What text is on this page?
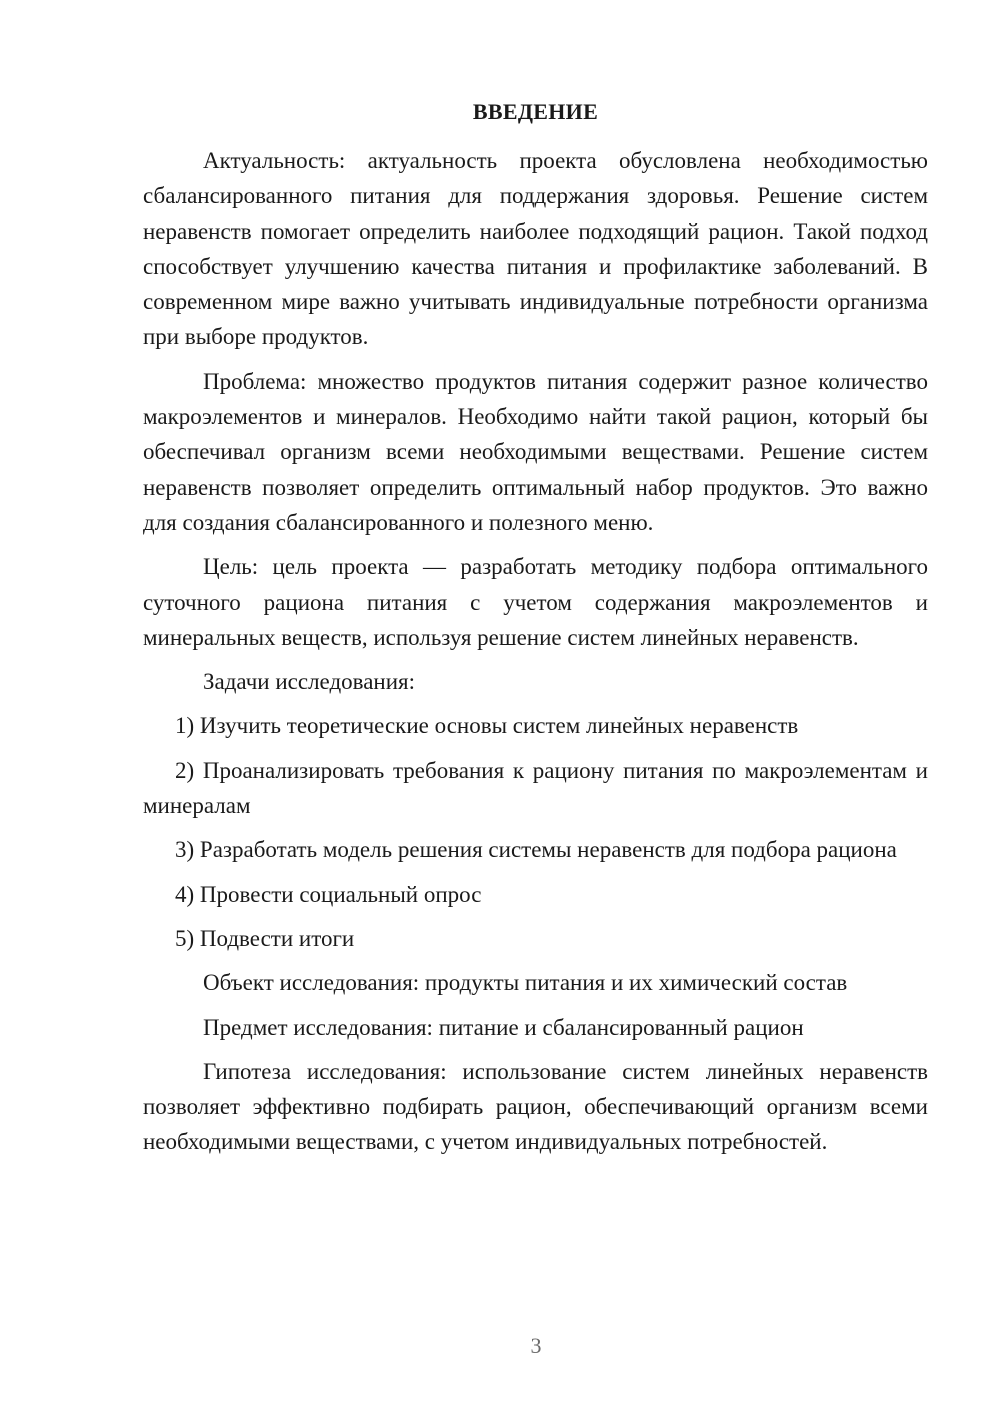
ВВЕДЕНИЕ

Актуальность: актуальность проекта обусловлена необходимостью сбалансированного питания для поддержания здоровья. Решение систем неравенств помогает определить наиболее подходящий рацион. Такой подход способствует улучшению качества питания и профилактике заболеваний. В современном мире важно учитывать индивидуальные потребности организма при выборе продуктов.

Проблема: множество продуктов питания содержит разное количество макроэлементов и минералов. Необходимо найти такой рацион, который бы обеспечивал организм всеми необходимыми веществами. Решение систем неравенств позволяет определить оптимальный набор продуктов. Это важно для создания сбалансированного и полезного меню.

Цель: цель проекта — разработать методику подбора оптимального суточного рациона питания с учетом содержания макроэлементов и минеральных веществ, используя решение систем линейных неравенств.

Задачи исследования:

1) Изучить теоретические основы систем линейных неравенств

2) Проанализировать требования к рациону питания по макроэлементам и минералам

3) Разработать модель решения системы неравенств для подбора рациона

4) Провести социальный опрос

5) Подвести итоги

Объект исследования: продукты питания и их химический состав

Предмет исследования: питание и сбалансированный рацион

Гипотеза исследования: использование систем линейных неравенств позволяет эффективно подбирать рацион, обеспечивающий организм всеми необходимыми веществами, с учетом индивидуальных потребностей.

3
